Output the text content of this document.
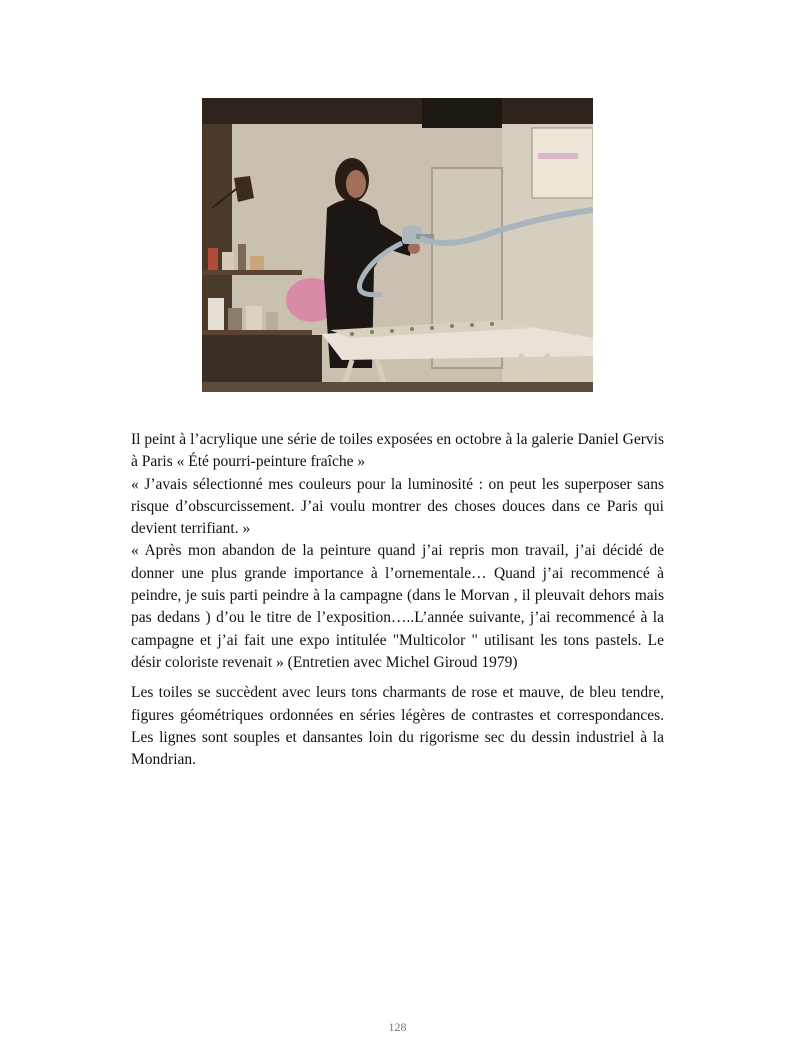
Il peint à l’acrylique une série de toiles exposées en octobre à la galerie Daniel Gervis à Paris « Été pourri-peinture fraîche »

« J’avais sélectionné mes couleurs pour la luminosité : on peut les superposer sans risque d’obscurcissement. J’ai voulu montrer des choses douces dans ce Paris qui devient terrifiant. »

« Après mon abandon de la peinture quand j’ai repris mon travail, j’ai décidé de donner une plus grande importance à l’ornementale… Quand j’ai recommencé à peindre, je suis parti peindre à la campagne (dans le Morvan , il pleuvait dehors mais pas dedans ) d’ou le titre de l’exposition…..L’année suivante, j’ai recommencé à la campagne et j’ai fait une expo intitulée "Multicolor " utilisant les tons pastels. Le désir coloriste revenait » (Entretien avec Michel Giroud 1979)

Les toiles se succèdent avec leurs tons charmants de rose et mauve, de bleu tendre, figures géométriques ordonnées en séries légères de contrastes et correspondances. Les lignes sont souples et dansantes loin du rigorisme sec du dessin industriel à la Mondrian.

128
